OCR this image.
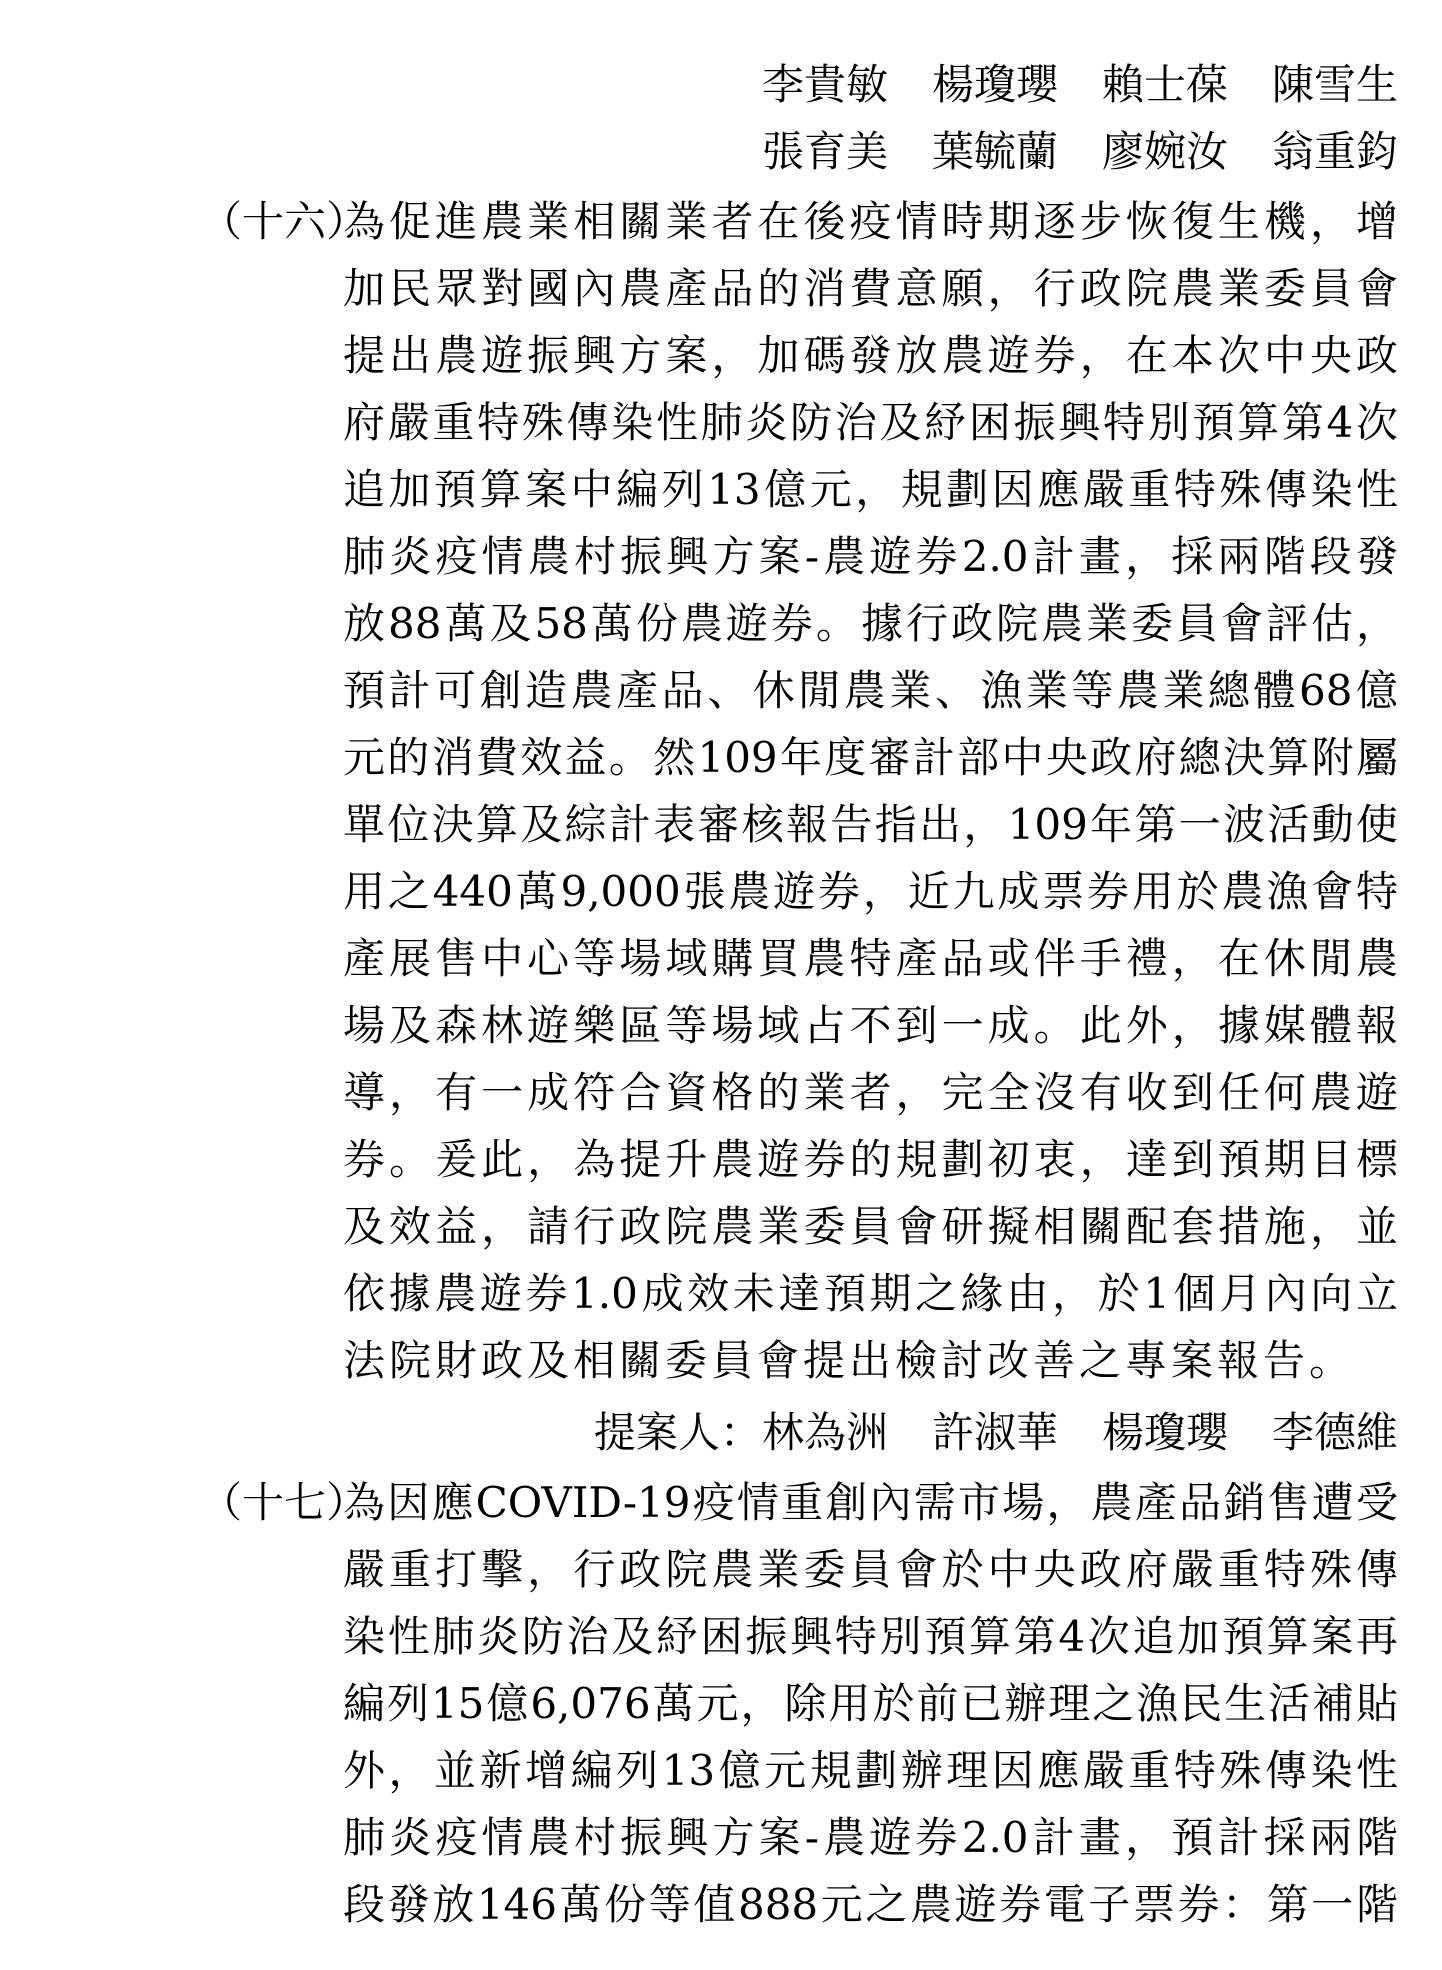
李貴敏 楊瓊瓔 賴士葆 陳雪生
張育美 葉毓蘭 廖婉汝 翁重鈞
（十六）
為促進農業相關業者在後疫情時期逐步恢復生機，增
加民眾對國內農產品的消費意願，行政院農業委員會
提出農遊振興方案，加碼發放農遊券，在本次中央政
府嚴重特殊傳染性肺炎防治及紓困振興特別預算第4次
追加預算案中編列13億元，規劃因應嚴重特殊傳染性
肺炎疫情農村振興方案-農遊券2.0計畫，採兩階段發
放88萬及58萬份農遊券。據行政院農業委員會評估，
預計可創造農產品、休閒農業、漁業等農業總體68億
元的消費效益。然109年度審計部中央政府總決算附屬
單位決算及綜計表審核報告指出，109年第一波活動使
用之440萬9,000張農遊券，近九成票券用於農漁會特
產展售中心等場域購買農特產品或伴手禮，在休閒農
場及森林遊樂區等場域占不到一成。此外，據媒體報
導，有一成符合資格的業者，完全沒有收到任何農遊
券。爰此，為提升農遊券的規劃初衷，達到預期目標
及效益，請行政院農業委員會研擬相關配套措施，並
依據農遊券1.0成效未達預期之緣由，於1個月內向立
法院財政及相關委員會提出檢討改善之專案報告。
提案人：林為洲 許淑華 楊瓊瓔 李德維
（十七）
為因應COVID-19疫情重創內需市場，農產品銷售遭受
嚴重打擊，行政院農業委員會於中央政府嚴重特殊傳
染性肺炎防治及紓困振興特別預算第4次追加預算案再
編列15億6,076萬元，除用於前已辦理之漁民生活補貼
外，並新增編列13億元規劃辦理因應嚴重特殊傳染性
肺炎疫情農村振興方案-農遊券2.0計畫，預計採兩階
段發放146萬份等值888元之農遊券電子票券：第一階
